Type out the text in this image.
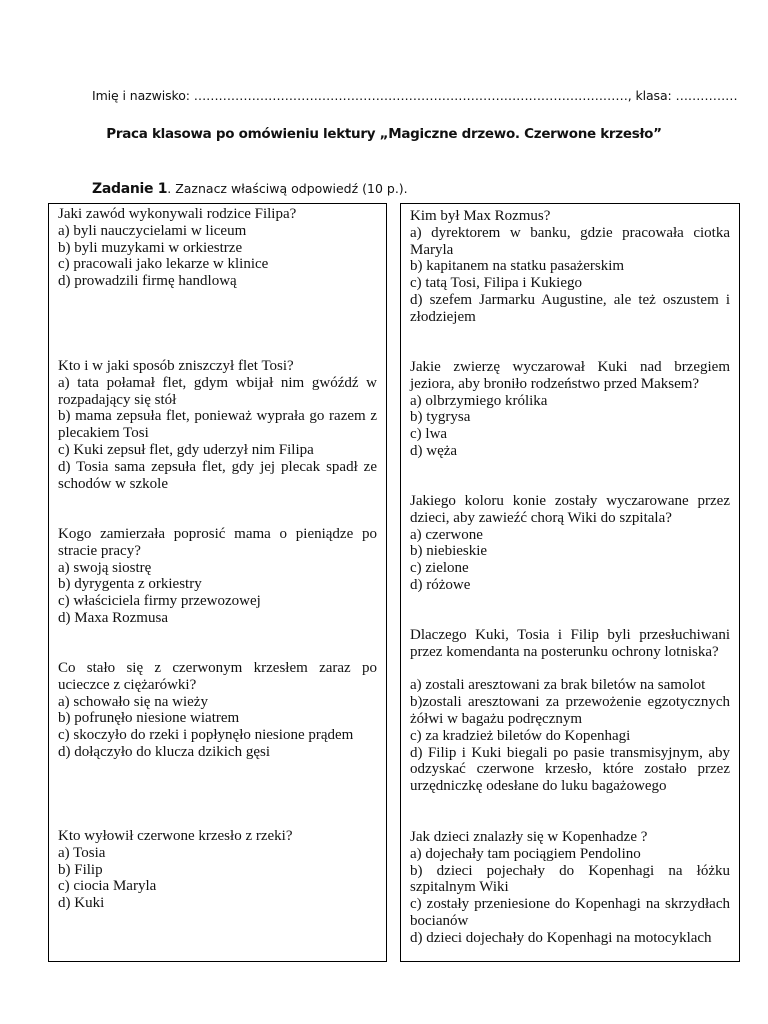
Imię i nazwisko: ……………………………………………………………………………………………, klasa: ……………
Praca klasowa po omówieniu lektury „Magiczne drzewo. Czerwone krzesło”
Zadanie 1. Zaznacz właściwą odpowiedź (10 p.).
Jaki zawód wykonywali rodzice Filipa?
a) byli nauczycielami w liceum
b) byli muzykami w orkiestrze
c) pracowali jako lekarze w klinice
d) prowadzili firmę handlową
Kto i w jaki sposób zniszczył flet Tosi?
a) tata połamał flet, gdym wbijał nim gwóźdź w rozpadający się stół
b) mama zepsuła flet, ponieważ wyprała go razem z plecakiem Tosi
c) Kuki zepsuł flet, gdy uderzył nim Filipa
d) Tosia sama zepsuła flet, gdy jej plecak spadł ze schodów w szkole
Kogo zamierzała poprosić mama o pieniądze po stracie pracy?
a) swoją siostrę
b) dyrygenta z orkiestry
c) właściciela firmy przewozowej
d) Maxa Rozmusa
Co stało się z czerwonym krzesłem zaraz po ucieczce z ciężarówki?
a) schowało się na wieży
b) pofrunęło niesione wiatrem
c) skoczyło do rzeki i popłynęło niesione prądem
d) dołączyło do klucza dzikich gęsi
Kto wyłowił czerwone krzesło z rzeki?
a) Tosia
b) Filip
c) ciocia Maryla
d) Kuki
Kim był Max Rozmus?
a) dyrektorem w banku, gdzie pracowała ciotka Maryla
b) kapitanem na statku pasażerskim
c) tatą Tosi, Filipa i Kukiego
d) szefem Jarmarku Augustine, ale też oszustem i złodziejem
Jakie zwierzę wyczarował Kuki nad brzegiem jeziora, aby broniło rodzeństwo przed Maksem?
a) olbrzymiego królika
b) tygrysa
c) lwa
d) węża
Jakiego koloru konie zostały wyczarowane przez dzieci, aby zawieźć chorą Wiki do szpitala?
a) czerwone
b) niebieskie
c) zielone
d) różowe
Dlaczego Kuki, Tosia i Filip byli przesłuchiwani przez komendanta na posterunku ochrony lotniska?
a) zostali aresztowani za brak biletów na samolot
b)zostali aresztowani za przewożenie egzotycznych żółwi w bagażu podręcznym
c) za kradzież biletów do Kopenhagi
d) Filip i Kuki biegali po pasie transmisyjnym, aby odzyskać czerwone krzesło, które zostało przez urzędniczkę odesłane do luku bagażowego
Jak dzieci znalazły się w Kopenhadze ?
a) dojechały tam pociągiem Pendolino
b) dzieci pojechały do Kopenhagi na łóżku szpitalnym Wiki
c) zostały przeniesione do Kopenhagi na skrzydłach bocianów
d) dzieci dojechały do Kopenhagi na motocyklach
